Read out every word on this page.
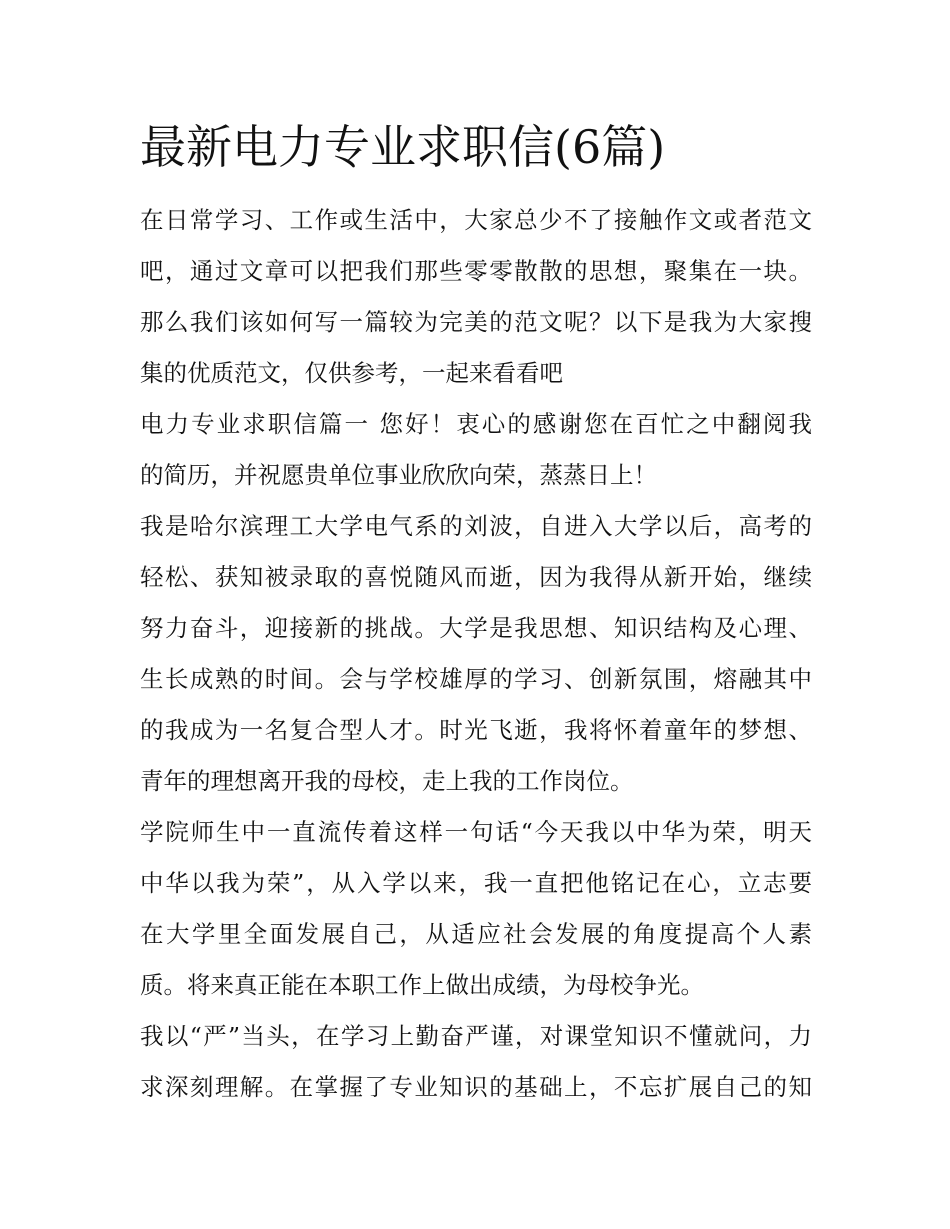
最新电力专业求职信(6篇)

在日常学习、工作或生活中，大家总少不了接触作文或者范文
吧，通过文章可以把我们那些零零散散的思想，聚集在一块。
那么我们该如何写一篇较为完美的范文呢？以下是我为大家搜
集的优质范文，仅供参考，一起来看看吧

电力专业求职信篇一 您好！衷心的感谢您在百忙之中翻阅我
的简历，并祝愿贵单位事业欣欣向荣，蒸蒸日上！

我是哈尔滨理工大学电气系的刘波，自进入大学以后，高考的
轻松、获知被录取的喜悦随风而逝，因为我得从新开始，继续
努力奋斗，迎接新的挑战。大学是我思想、知识结构及心理、
生长成熟的时间。会与学校雄厚的学习、创新氛围，熔融其中
的我成为一名复合型人才。时光飞逝，我将怀着童年的梦想、
青年的理想离开我的母校，走上我的工作岗位。

学院师生中一直流传着这样一句话“今天我以中华为荣，明天
中华以我为荣”，从入学以来，我一直把他铭记在心，立志要
在大学里全面发展自己，从适应社会发展的角度提高个人素
质。将来真正能在本职工作上做出成绩，为母校争光。

我以“严”当头，在学习上勤奋严谨，对课堂知识不懂就问，力
求深刻理解。在掌握了专业知识的基础上，不忘扩展自己的知
